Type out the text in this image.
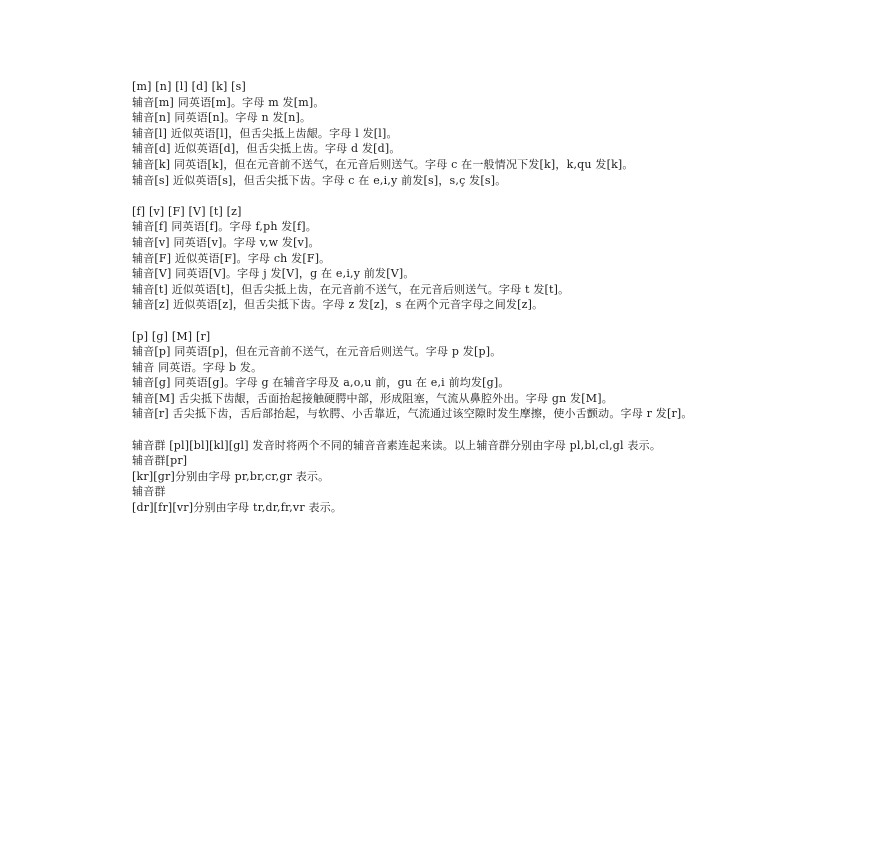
[m] [n] [l] [d] [k] [s]
辅音[m] 同英语[m]。字母 m 发[m]。
辅音[n] 同英语[n]。字母 n 发[n]。
辅音[l] 近似英语[l]，但舌尖抵上齿龈。字母 l 发[l]。
辅音[d] 近似英语[d]，但舌尖抵上齿。字母 d 发[d]。
辅音[k] 同英语[k]，但在元音前不送气，在元音后则送气。字母 c 在一般情况下发[k]，k,qu 发[k]。
辅音[s] 近似英语[s]，但舌尖抵下齿。字母 c 在 e,i,y 前发[s]，s,ç 发[s]。
[f] [v] [F] [V] [t] [z]
辅音[f] 同英语[f]。字母 f,ph 发[f]。
辅音[v] 同英语[v]。字母 v,w 发[v]。
辅音[F] 近似英语[F]。字母 ch 发[F]。
辅音[V] 同英语[V]。字母 j 发[V]，g 在 e,i,y 前发[V]。
辅音[t] 近似英语[t]，但舌尖抵上齿，在元音前不送气，在元音后则送气。字母 t 发[t]。
辅音[z] 近似英语[z]，但舌尖抵下齿。字母 z 发[z]，s 在两个元音字母之间发[z]。
[p] [g] [M] [r]
辅音[p] 同英语[p]，但在元音前不送气，在元音后则送气。字母 p 发[p]。
辅音 同英语。字母 b 发。
辅音[g] 同英语[g]。字母 g 在辅音字母及 a,o,u 前，gu 在 e,i 前均发[g]。
辅音[M] 舌尖抵下齿龈，舌面抬起接触硬腭中部，形成阻塞，气流从鼻腔外出。字母 gn 发[M]。
辅音[r] 舌尖抵下齿，舌后部抬起，与软腭、小舌靠近，气流通过该空隙时发生摩擦，使小舌颤动。字母 r 发[r]。
辅音群 [pl][bl][kl][gl] 发音时将两个不同的辅音音素连起来读。以上辅音群分别由字母 pl,bl,cl,gl 表示。
辅音群[pr]
[kr][gr]分别由字母 pr,br,cr,gr 表示。
辅音群
[dr][fr][vr]分别由字母 tr,dr,fr,vr 表示。
